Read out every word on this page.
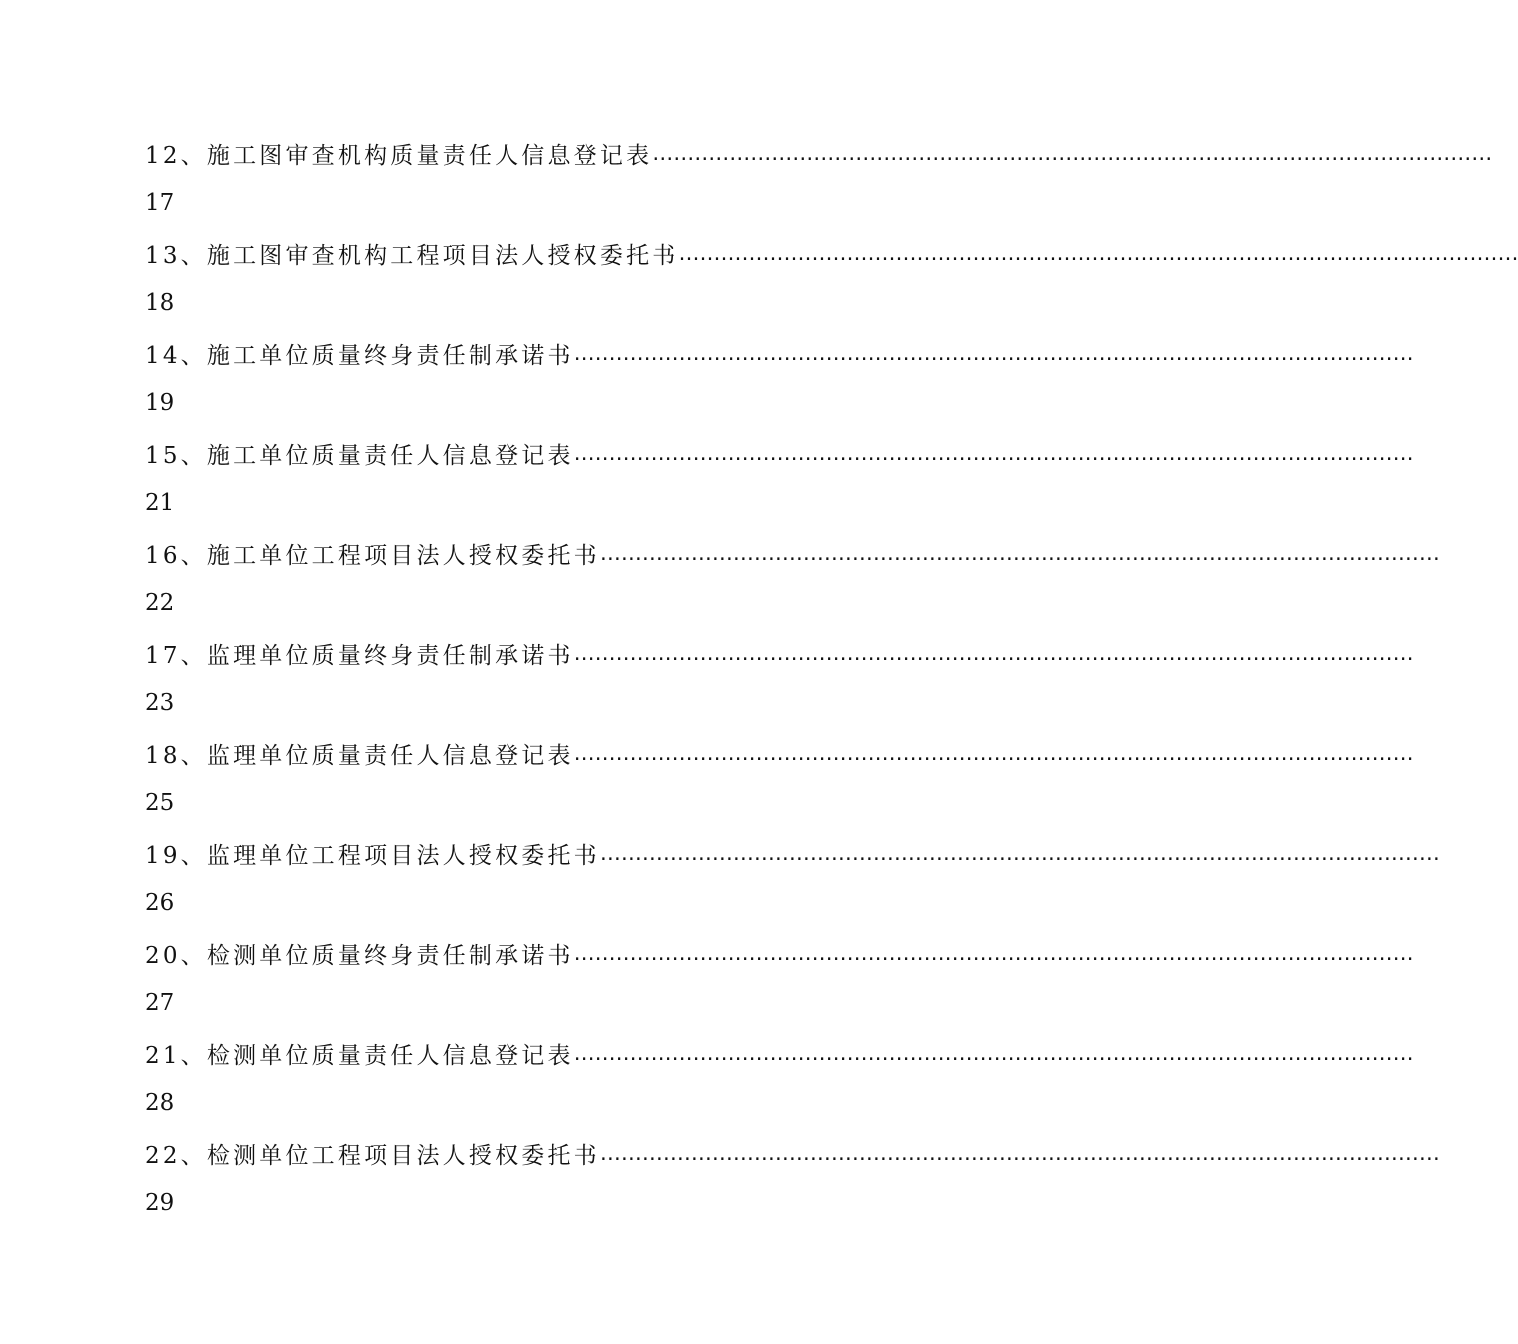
12、施工图审查机构质量责任人信息登记表 …………………………………………………………………………………………………………
17
13、施工图审查机构工程项目法人授权委托书 …………………………………………………………………………………………………………
18
14、施工单位质量终身责任制承诺书 …………………………………………………………………………………………………………
19
15、施工单位质量责任人信息登记表 …………………………………………………………………………………………………………
21
16、施工单位工程项目法人授权委托书 …………………………………………………………………………………………………………
22
17、监理单位质量终身责任制承诺书 …………………………………………………………………………………………………………
23
18、监理单位质量责任人信息登记表 …………………………………………………………………………………………………………
25
19、监理单位工程项目法人授权委托书 …………………………………………………………………………………………………………
26
20、检测单位质量终身责任制承诺书 …………………………………………………………………………………………………………
27
21、检测单位质量责任人信息登记表 …………………………………………………………………………………………………………
28
22、检测单位工程项目法人授权委托书 …………………………………………………………………………………………………………
29
